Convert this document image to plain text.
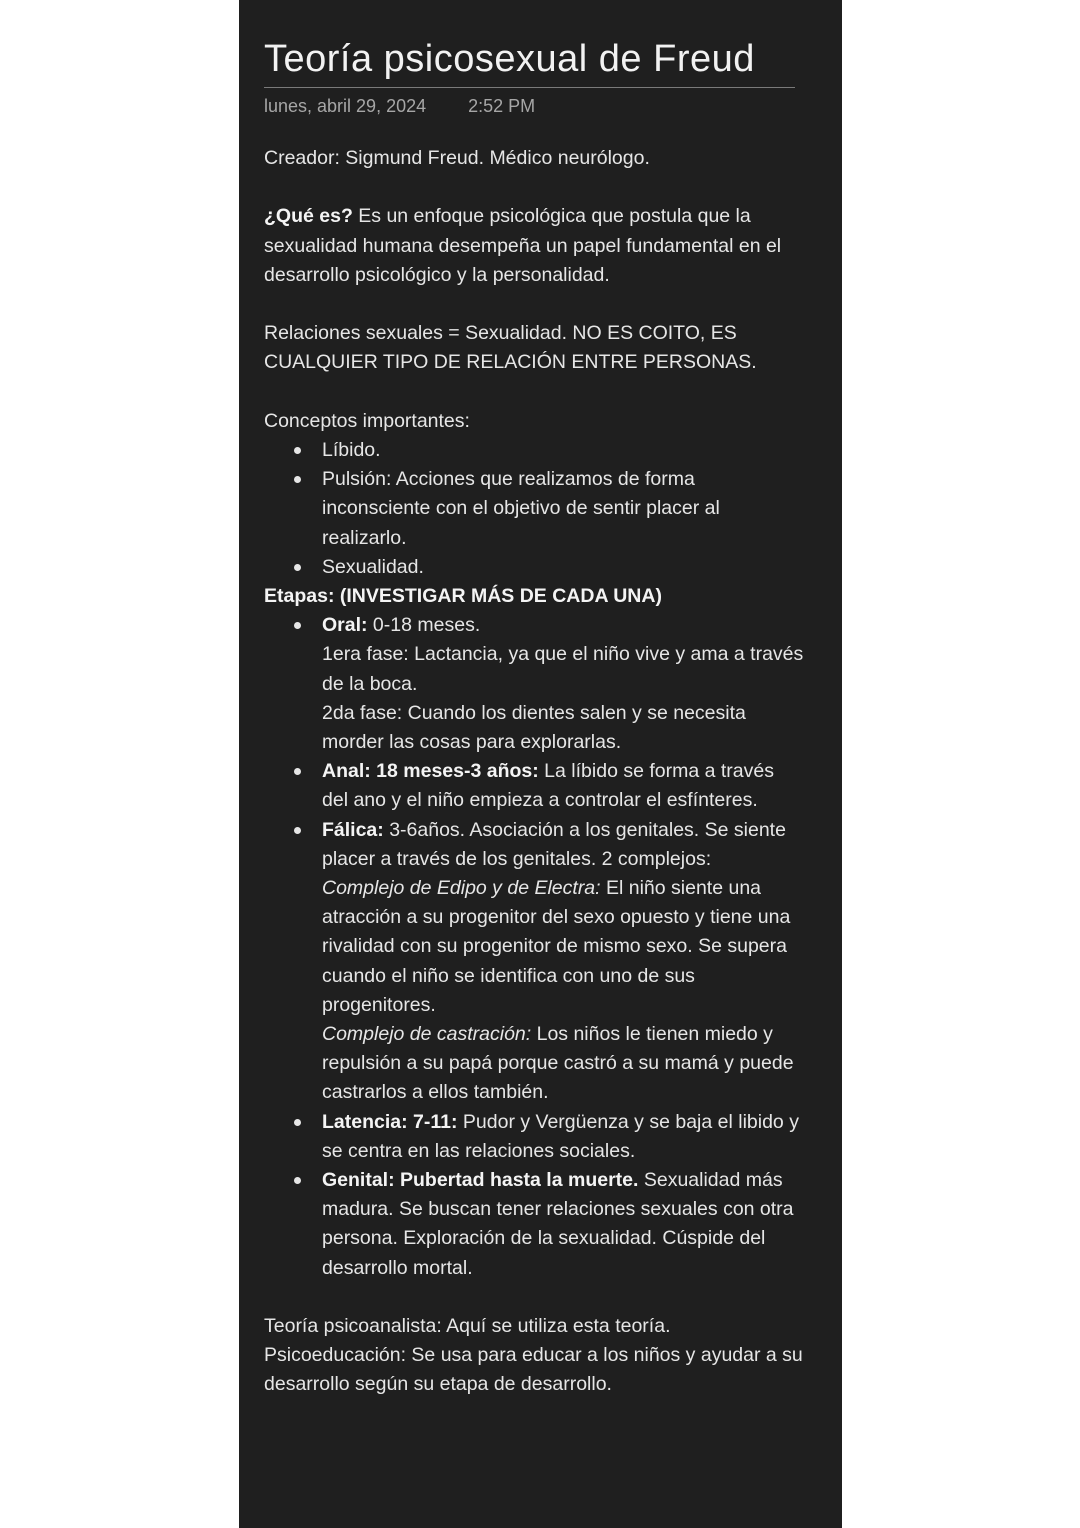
Teoría psicosexual de Freud
lunes, abril 29, 2024 2:52 PM

Creador: Sigmund Freud. Médico neurólogo.

¿Qué es? Es un enfoque psicológica que postula que la sexualidad humana desempeña un papel fundamental en el desarrollo psicológico y la personalidad.

Relaciones sexuales = Sexualidad. NO ES COITO, ES CUALQUIER TIPO DE RELACIÓN ENTRE PERSONAS.

Conceptos importantes:

Líbido.
Pulsión: Acciones que realizamos de forma inconsciente con el objetivo de sentir placer al realizarlo.
Sexualidad.

Etapas: (INVESTIGAR MÁS DE CADA UNA)

Oral: 0-18 meses.
1era fase: Lactancia, ya que el niño vive y ama a través de la boca.
2da fase: Cuando los dientes salen y se necesita morder las cosas para explorarlas.
Anal: 18 meses-3 años: La líbido se forma a través del ano y el niño empieza a controlar el esfínteres.
Fálica: 3-6años. Asociación a los genitales. Se siente placer a través de los genitales. 2 complejos:
Complejo de Edipo y de Electra: El niño siente una atracción a su progenitor del sexo opuesto y tiene una rivalidad con su progenitor de mismo sexo. Se supera cuando el niño se identifica con uno de sus progenitores.
Complejo de castración: Los niños le tienen miedo y repulsión a su papá porque castró a su mamá y puede castrarlos a ellos también.
Latencia: 7-11: Pudor y Vergüenza y se baja el libido y se centra en las relaciones sociales.
Genital: Pubertad hasta la muerte. Sexualidad más madura. Se buscan tener relaciones sexuales con otra persona. Exploración de la sexualidad. Cúspide del desarrollo mortal.

Teoría psicoanalista: Aquí se utiliza esta teoría.

Psicoeducación: Se usa para educar a los niños y ayudar a su desarrollo según su etapa de desarrollo.
